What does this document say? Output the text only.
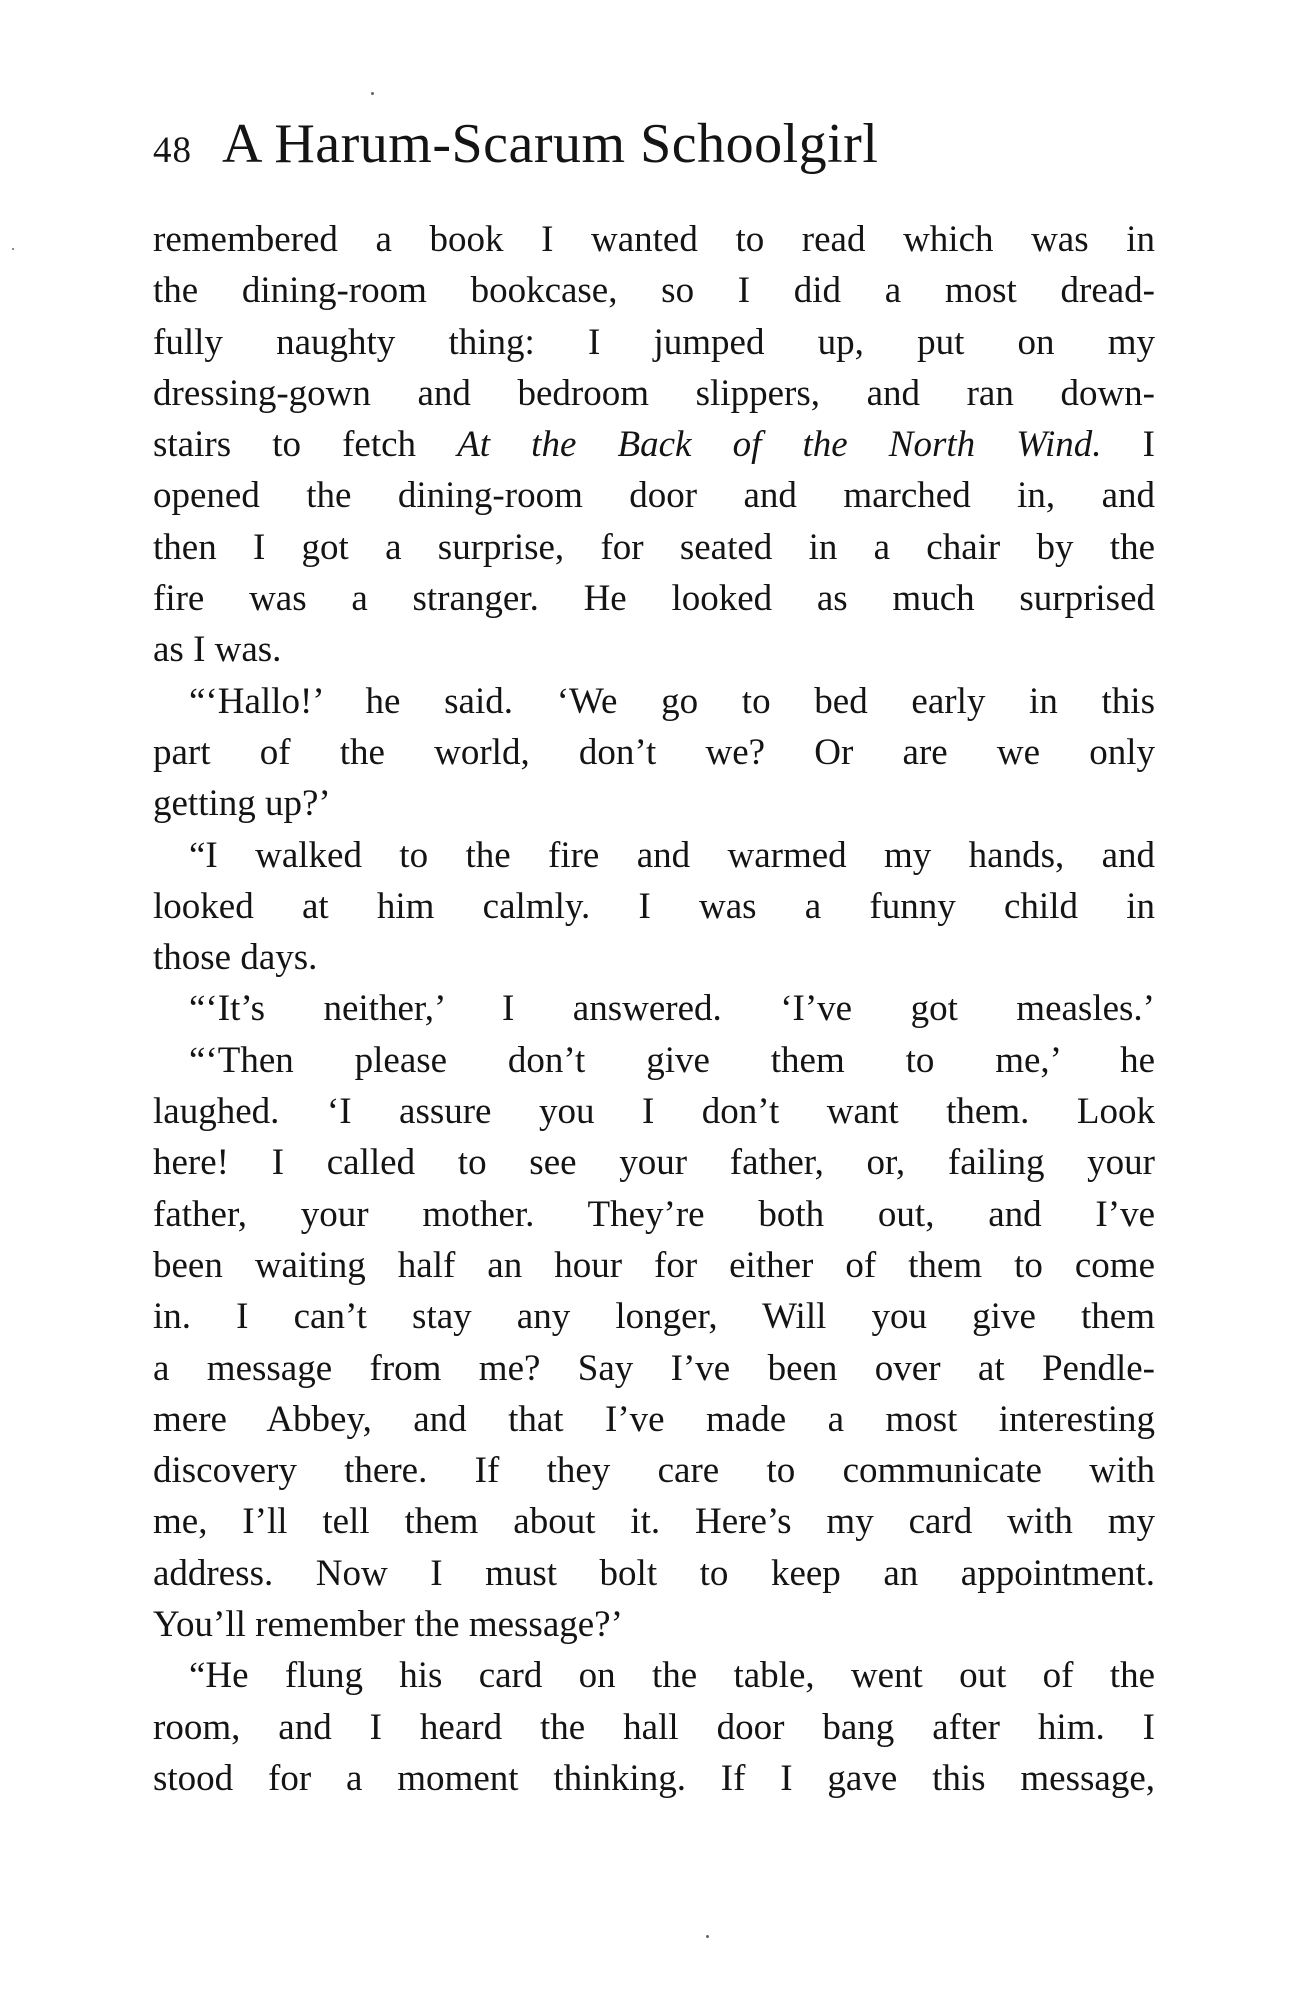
48 A Harum-Scarum Schoolgirl
remembered a book I wanted to read which was in
the dining-room bookcase, so I did a most dread-
fully naughty thing: I jumped up, put on my
dressing-gown and bedroom slippers, and ran down-
stairs to fetch At the Back of the North Wind. I
opened the dining-room door and marched in, and
then I got a surprise, for seated in a chair by the
fire was a stranger. He looked as much surprised
as I was.
“‘Hallo!’ he said. ‘We go to bed early in this
part of the world, don’t we? Or are we only
getting up?’
“I walked to the fire and warmed my hands, and
looked at him calmly. I was a funny child in
those days.
“‘It’s neither,’ I answered. ‘I’ve got measles.’
“‘Then please don’t give them to me,’ he
laughed. ‘I assure you I don’t want them. Look
here! I called to see your father, or, failing your
father, your mother. They’re both out, and I’ve
been waiting half an hour for either of them to come
in. I can’t stay any longer, Will you give them
a message from me? Say I’ve been over at Pendle-
mere Abbey, and that I’ve made a most interesting
discovery there. If they care to communicate with
me, I’ll tell them about it. Here’s my card with my
address. Now I must bolt to keep an appointment.
You’ll remember the message?’
“He flung his card on the table, went out of the
room, and I heard the hall door bang after him. I
stood for a moment thinking. If I gave this message,
